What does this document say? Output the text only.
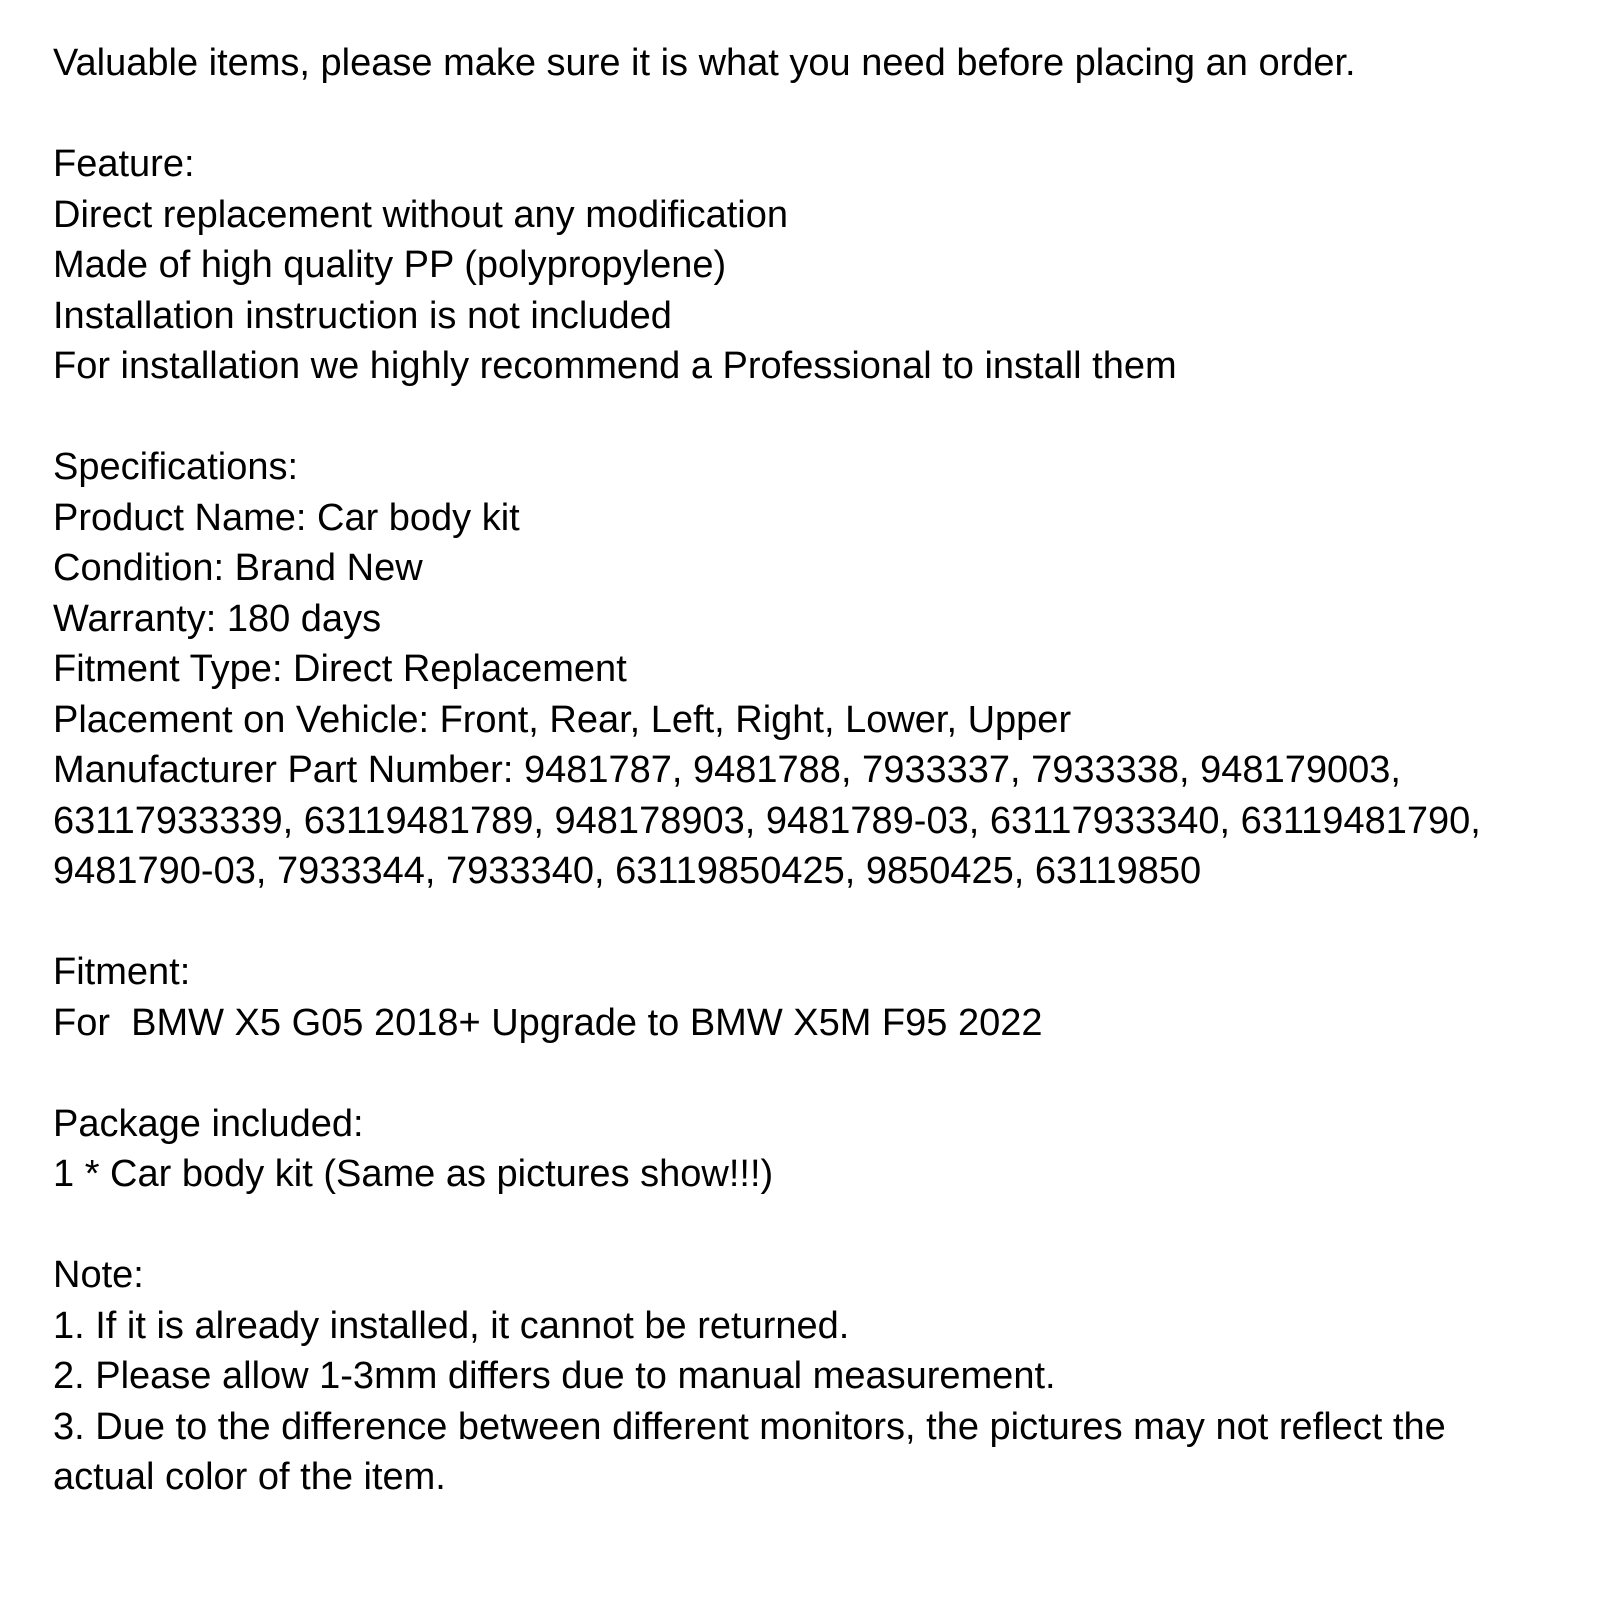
Valuable items, please make sure it is what you need before placing an order.
Feature:
Direct replacement without any modification
Made of high quality PP (polypropylene)
Installation instruction is not included
For installation we highly recommend a Professional to install them
Specifications:
Product Name: Car body kit
Condition: Brand New
Warranty: 180 days
Fitment Type: Direct Replacement
Placement on Vehicle: Front, Rear, Left, Right, Lower, Upper
Manufacturer Part Number: 9481787, 9481788, 7933337, 7933338, 948179003,
63117933339, 63119481789, 948178903, 9481789-03, 63117933340, 63119481790,
9481790-03, 7933344, 7933340, 63119850425, 9850425, 63119850
Fitment:
For  BMW X5 G05 2018+ Upgrade to BMW X5M F95 2022
Package included:
1 * Car body kit (Same as pictures show!!!)
Note:
1. If it is already installed, it cannot be returned.
2. Please allow 1-3mm differs due to manual measurement.
3. Due to the difference between different monitors, the pictures may not reflect the
actual color of the item.
